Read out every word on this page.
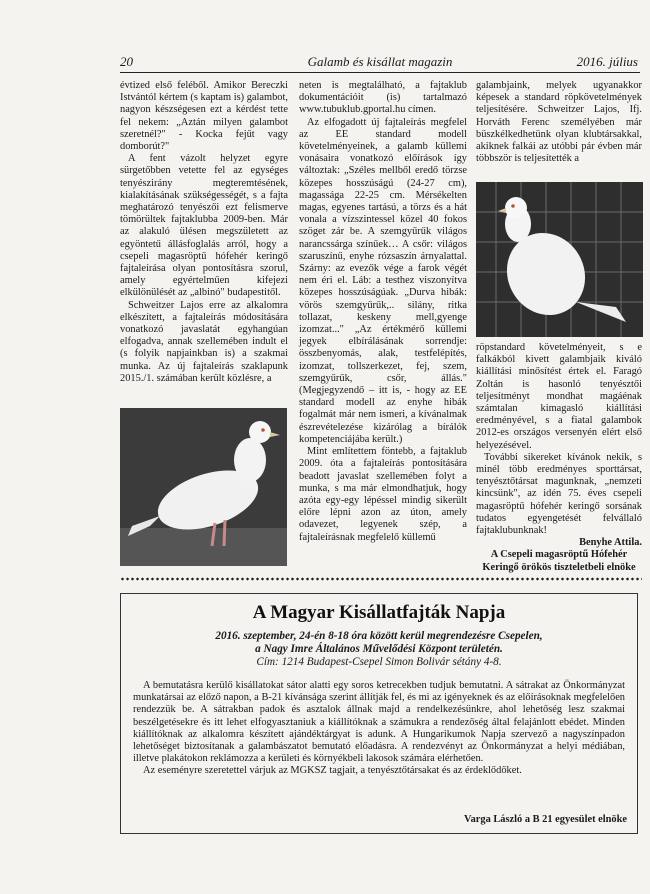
20	Galamb és kisállat magazin	2016. július

évtized első feléből. Amikor Bereczki Istvántól kértem (s kaptam is) galambot, nagyon készségesen ezt a kérdést tette fel nekem: „Aztán milyen galambot szeretnél?" - Kocka fejűt vagy domborút?"

A fent vázolt helyzet egyre sürgetőbben vetette fel az egységes tenyészirány megteremtésének, kialakításának szükségességét, s a fajta meghatározó tenyészői ezt felismerve tömörültek fajtaklubba 2009-ben. Már az alakuló ülésen megszületett az egyöntetű állásfoglalás arról, hogy a csepeli magasröptű hófehér keringő fajtaleírása olyan pontosításra szorul, amely egyértelműen kifejezi elkülönülését az „albinó" budapestitől.

Schweitzer Lajos erre az alkalomra elkészített, a fajtaleírás módosítására vonatkozó javaslatát egyhangúan elfogadva, annak szellemében indult el (s folyik napjainkban is) a szakmai munka. Az új fajtaleírás szaklapunk 2015./1. számában került közlésre, a

neten is megtalálható, a fajtaklub dokumentációit (is) tartalmazó www.tubuklub.gportal.hu címen.

Az elfogadott új fajtaleírás megfelel az EE standard modell követelményeinek, a galamb küllemi vonásaira vonatkozó előírások így változtak: „Széles mellből eredő törzse közepes hosszúságú (24-27 cm), magassága 22-25 cm. Mérsékelten magas, egyenes tartású, a törzs és a hát vonala a vízszintessel közel 40 fokos szöget zár be. A szemgyűrűk világos narancssárga színűek… A csőr: világos szaruszínű, enyhe rózsaszín árnyalattal. Szárny: az evezők vége a farok végét nem éri el. Láb: a testhez viszonyítva közepes hosszúságúak. „Durva hibák: vörös szemgyűrűk,.. silány, ritka tollazat, keskeny mell,gyenge izomzat..." „Az értékmérő küllemi jegyek elbírálásának sorrendje: összbenyomás, alak, testfelépítés, izomzat, tollszerkezet, fej, szem, szemgyűrűk, csőr, állás." (Megjegyzendő – itt is, - hogy az EE standard modell az enyhe hibák fogalmát már nem ismeri, a kívánalmak észrevételezése kizárólag a bírálók kompetenciájába került.)

Mint említettem föntebb, a fajtaklub 2009. óta a fajtaleírás pontosítására beadott javaslat szellemében folyt a munka, s ma már elmondhatjuk, hogy azóta egy-egy lépéssel mindig sikerült előre lépni azon az úton, amely odavezet, legyenek szép, a fajtaleírásnak megfelelő küllemű

galambjaink, melyek ugyanakkor képesek a standard röpkövetelmények teljesítésére. Schweitzer Lajos, Ifj. Horváth Ferenc személyében már büszkélkedhetünk olyan klubtársakkal, akiknek falkái az utóbbi pár évben már többször is teljesítették a

röpstandard követelményeit, s e falkákból kivett galambjaik kiváló kiállítási minősítést értek el. Faragó Zoltán is hasonló tenyésztői teljesítményt mondhat magáénak számtalan kimagasló kiállítási eredményével, s a fiatal galambok 2012-es országos versenyén elért első helyezésével.

További sikereket kívánok nekik, s minél több eredményes sporttársat, tenyésztőtársat magunknak, „nemzeti kincsünk", az idén 75. éves csepeli magasröptű hófehér keringő sorsának tudatos egyengetését felvállaló fajtaklubunknak!

Benyhe Attila.
A Csepeli magasröptű Hófehér Keringő örökös tiszteletbeli elnöke
A Magyar Kisállatfajták Napja
2016. szeptember, 24-én 8-18 óra között kerül megrendezésre Csepelen,
a Nagy Imre Általános Művelődési Központ területén.
Cím: 1214 Budapest-Csepel Simon Bolivár sétány 4-8.

A bemutatásra kerülő kisállatokat sátor alatti egy soros ketrecekben tudjuk bemutatni. A sátrakat az Önkormányzat munkatársai az előző napon, a B-21 kívánsága szerint állítják fel, és mi az igényeknek és az előírásoknak megfelelően rendezzük be. A sátrakban padok és asztalok állnak majd a rendelkezésünkre, ahol lehetőség lesz szakmai beszélgetésekre és itt lehet elfogyasztaniuk a kiállítóknak a számukra a rendezőség által felajánlott ebédet. Minden kiállítóknak az alkalomra készített ajándéktárgyat is adunk. A Hungarikumok Napja szervező a nagyszínpadon lehetőséget biztosítanak a galambászatot bemutató előadásra. A rendezvényt az Önkormányzat a helyi médiában, illetve plakátokon reklámozza a kerületi és környékbeli lakosok számára elérhetően.

Az eseményre szeretettel várjuk az MGKSZ tagjait, a tenyésztőtársakat és az érdeklődőket.

Varga László a B 21 egyesület elnöke
